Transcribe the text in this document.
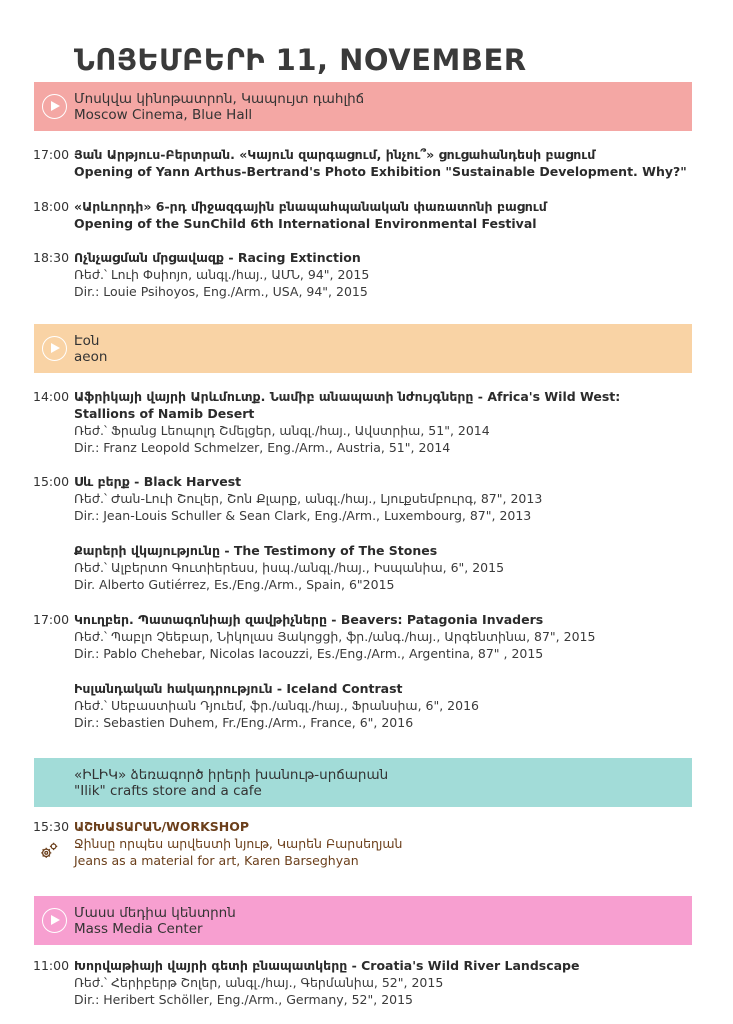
ՆՈՅԵՄԲԵՐԻ 11, NOVEMBER
Մոսկվա կինոթատրոն, Կապույտ դահլիճ
Moscow Cinema, Blue Hall
17:00 Յան Արթյուս-Բերտրան. «Կայուն զարգացում, ինչու՞» ցուցահանդեսի բացում
Opening of Yann Arthus-Bertrand's Photo Exhibition "Sustainable Development. Why?"
18:00 «Արևորդի» 6-րդ միջազգային բնապահպանական փառատոնի բացում
Opening of the SunChild 6th International Environmental Festival
18:30 Ոչնչացման մրցավազք - Racing Extinction
Ռեժ.՝ Լուի Փսիոյո, անգլ./հայ., ԱՄՆ, 94", 2015
Dir.: Louie Psihoyos, Eng./Arm., USA, 94", 2015
Էօն
aeon
14:00 Աֆրիկայի վայրի Արևմուտք. Նամիբ անապատի նժույգները - Africa's Wild West:
Stallions of Namib Desert
Ռեժ.՝ Ֆրանց Լեոպոլդ Շմելցեր, անգլ./հայ., Ավստրիա, 51", 2014
Dir.: Franz Leopold Schmelzer, Eng./Arm., Austria, 51", 2014
15:00 Սև բերք - Black Harvest
Ռեժ.՝ Ժան-Լուի Շուլեր, Շոն Քլարք, անգլ./հայ., Լյուքսեմբուրգ, 87", 2013
Dir.: Jean-Louis Schuller & Sean Clark, Eng./Arm., Luxembourg, 87", 2013
Քարերի վկայությունը - The Testimony of The Stones
Ռեժ.՝ Ալբերտո Գուտիերեսս, իսպ./անգլ./հայ., Իսպանիա, 6", 2015
Dir. Alberto Gutiérrez, Es./Eng./Arm., Spain, 6"2015
17:00 Կուղբեր. Պատագոնիայի զավթիչները - Beavers: Patagonia Invaders
Ռեժ.՝ Պաբլո Չեեբար, Նիկոլաս Յակոցցի, ֆր./անգ./հայ., Արգենտինա, 87", 2015
Dir.: Pablo Chehebar, Nicolas Iacouzzi, Es./Eng./Arm., Argentina, 87" , 2015
Իսլանդական հակադրություն - Iceland Contrast
Ռեժ.՝ Սեբաստիան Դյուեմ, ֆր./անգլ./հայ., Ֆրանսիա, 6", 2016
Dir.: Sebastien Duhem, Fr./Eng./Arm., France, 6", 2016
«ԻԼԻԿ» ձեռագործ իրերի խանութ-սրճարան
"Ilik" crafts store and a cafe
15:30 ԱՇԽԱՏԱՐԱՆ/WORKSHOP
Ջինսը որպես արվեստի նյութ, Կարեն Բարսեղյան
Jeans as a material for art, Karen Barseghyan
Մասս մեդիա կենտրոն
Mass Media Center
11:00 Խորվաթիայի վայրի գետի բնապատկերը - Croatia's Wild River Landscape
Ռեժ.՝ Հերիբերթ Շոլեր, անգլ./հայ., Գերմանիա, 52", 2015
Dir.: Heribert Schöller, Eng./Arm., Germany, 52", 2015
